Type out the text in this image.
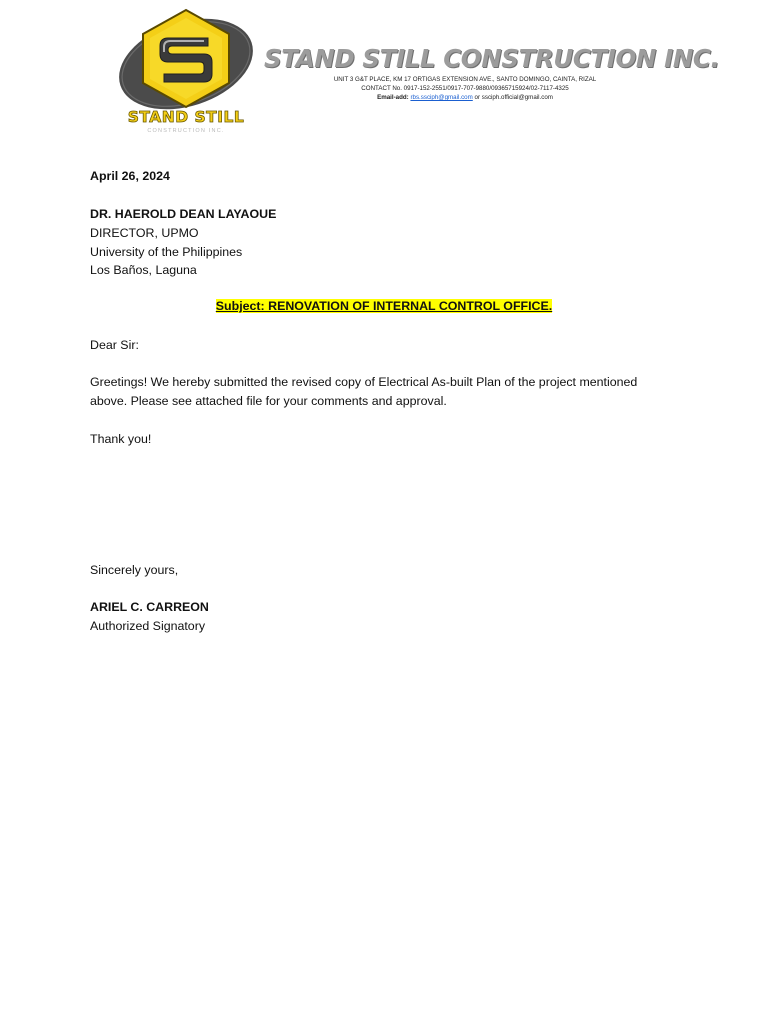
STAND STILL
CONSTRUCTION INC.
STAND STILL CONSTRUCTION INC.
UNIT 3 G&T PLACE, KM 17 ORTIGAS EXTENSION AVE., SANTO DOMINGO, CAINTA, RIZAL
CONTACT No. 0917-152-2551/0917-707-9880/09365715924/02-7117-4325
Email-add: rbs.ssciph@gmail.com or ssciph.official@gmail.com
April 26, 2024
DR. HAEROLD DEAN LAYAOUE
DIRECTOR, UPMO
University of the Philippines
Los Baños, Laguna
Subject: RENOVATION OF INTERNAL CONTROL OFFICE.
Dear Sir:
Greetings! We hereby submitted the revised copy of Electrical As-built Plan of the project mentioned above. Please see attached file for your comments and approval.
Thank you!
Sincerely yours,
ARIEL C. CARREON
Authorized Signatory
